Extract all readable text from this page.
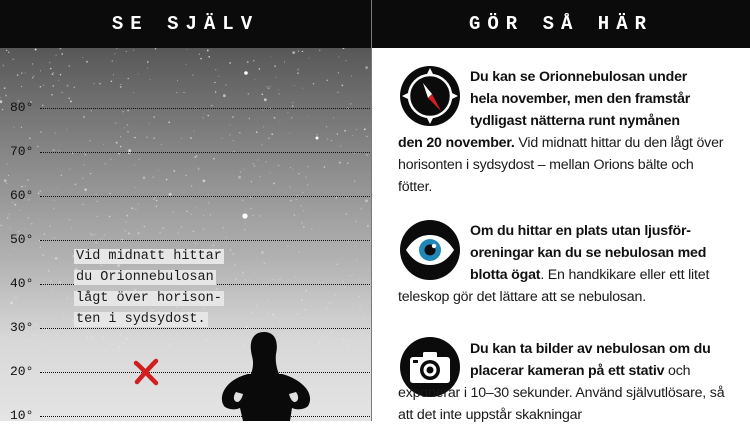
SE SJÄLV
80°
70°
60°
50°
40°
30°
20°
10°
Vid midnatt hittar
du Orionnebulosan
lågt över horison-
ten i sydsydost.
GÖR SÅ HÄR

Du kan se Orionnebulosan under
hela november, men den framstår
tydligast nätterna runt nymånen
den 20 november. Vid midnatt hittar du den lågt över horisonten i sydsydost – mellan Orions bälte och fötter.

Om du hittar en plats utan ljusför-
oreningar kan du se nebulosan med
blotta ögat. En handkikare eller ett litet teleskop gör det lättare att se nebulosan.

Du kan ta bilder av nebulosan om du
placerar kameran på ett stativ och exponerar i 10–30 sekunder. Använd självutlösare, så att det inte uppstår skakningar
